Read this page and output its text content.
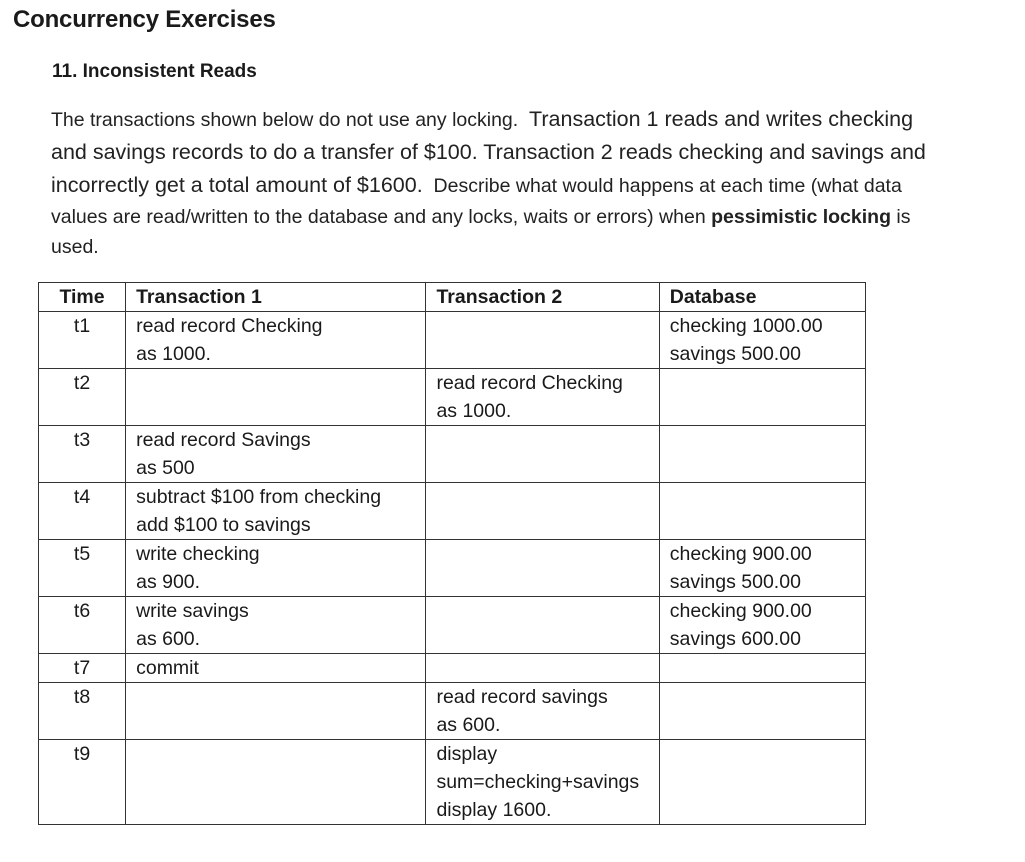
Concurrency Exercises
11. Inconsistent Reads
The transactions shown below do not use any locking. Transaction 1 reads and writes checking
and savings records to do a transfer of $100. Transaction 2 reads checking and savings and
incorrectly get a total amount of $1600. Describe what would happens at each time (what data
values are read/written to the database and any locks, waits or errors) when pessimistic locking is
used.
Time	Transaction 1	Transaction 2	Database
t1	read record Checking
as 1000.		checking 1000.00
savings 500.00

t2		read record Checking
as 1000.	

t3	read record Savings
as 500		

t4	subtract $100 from checking
add $100 to savings		

t5	write checking
as 900.		checking 900.00
savings 500.00

t6	write savings
as 600.		checking 900.00
savings 600.00

t7	commit		

t8		read record savings
as 600.	

t9		display
sum=checking+savings
display 1600.	
